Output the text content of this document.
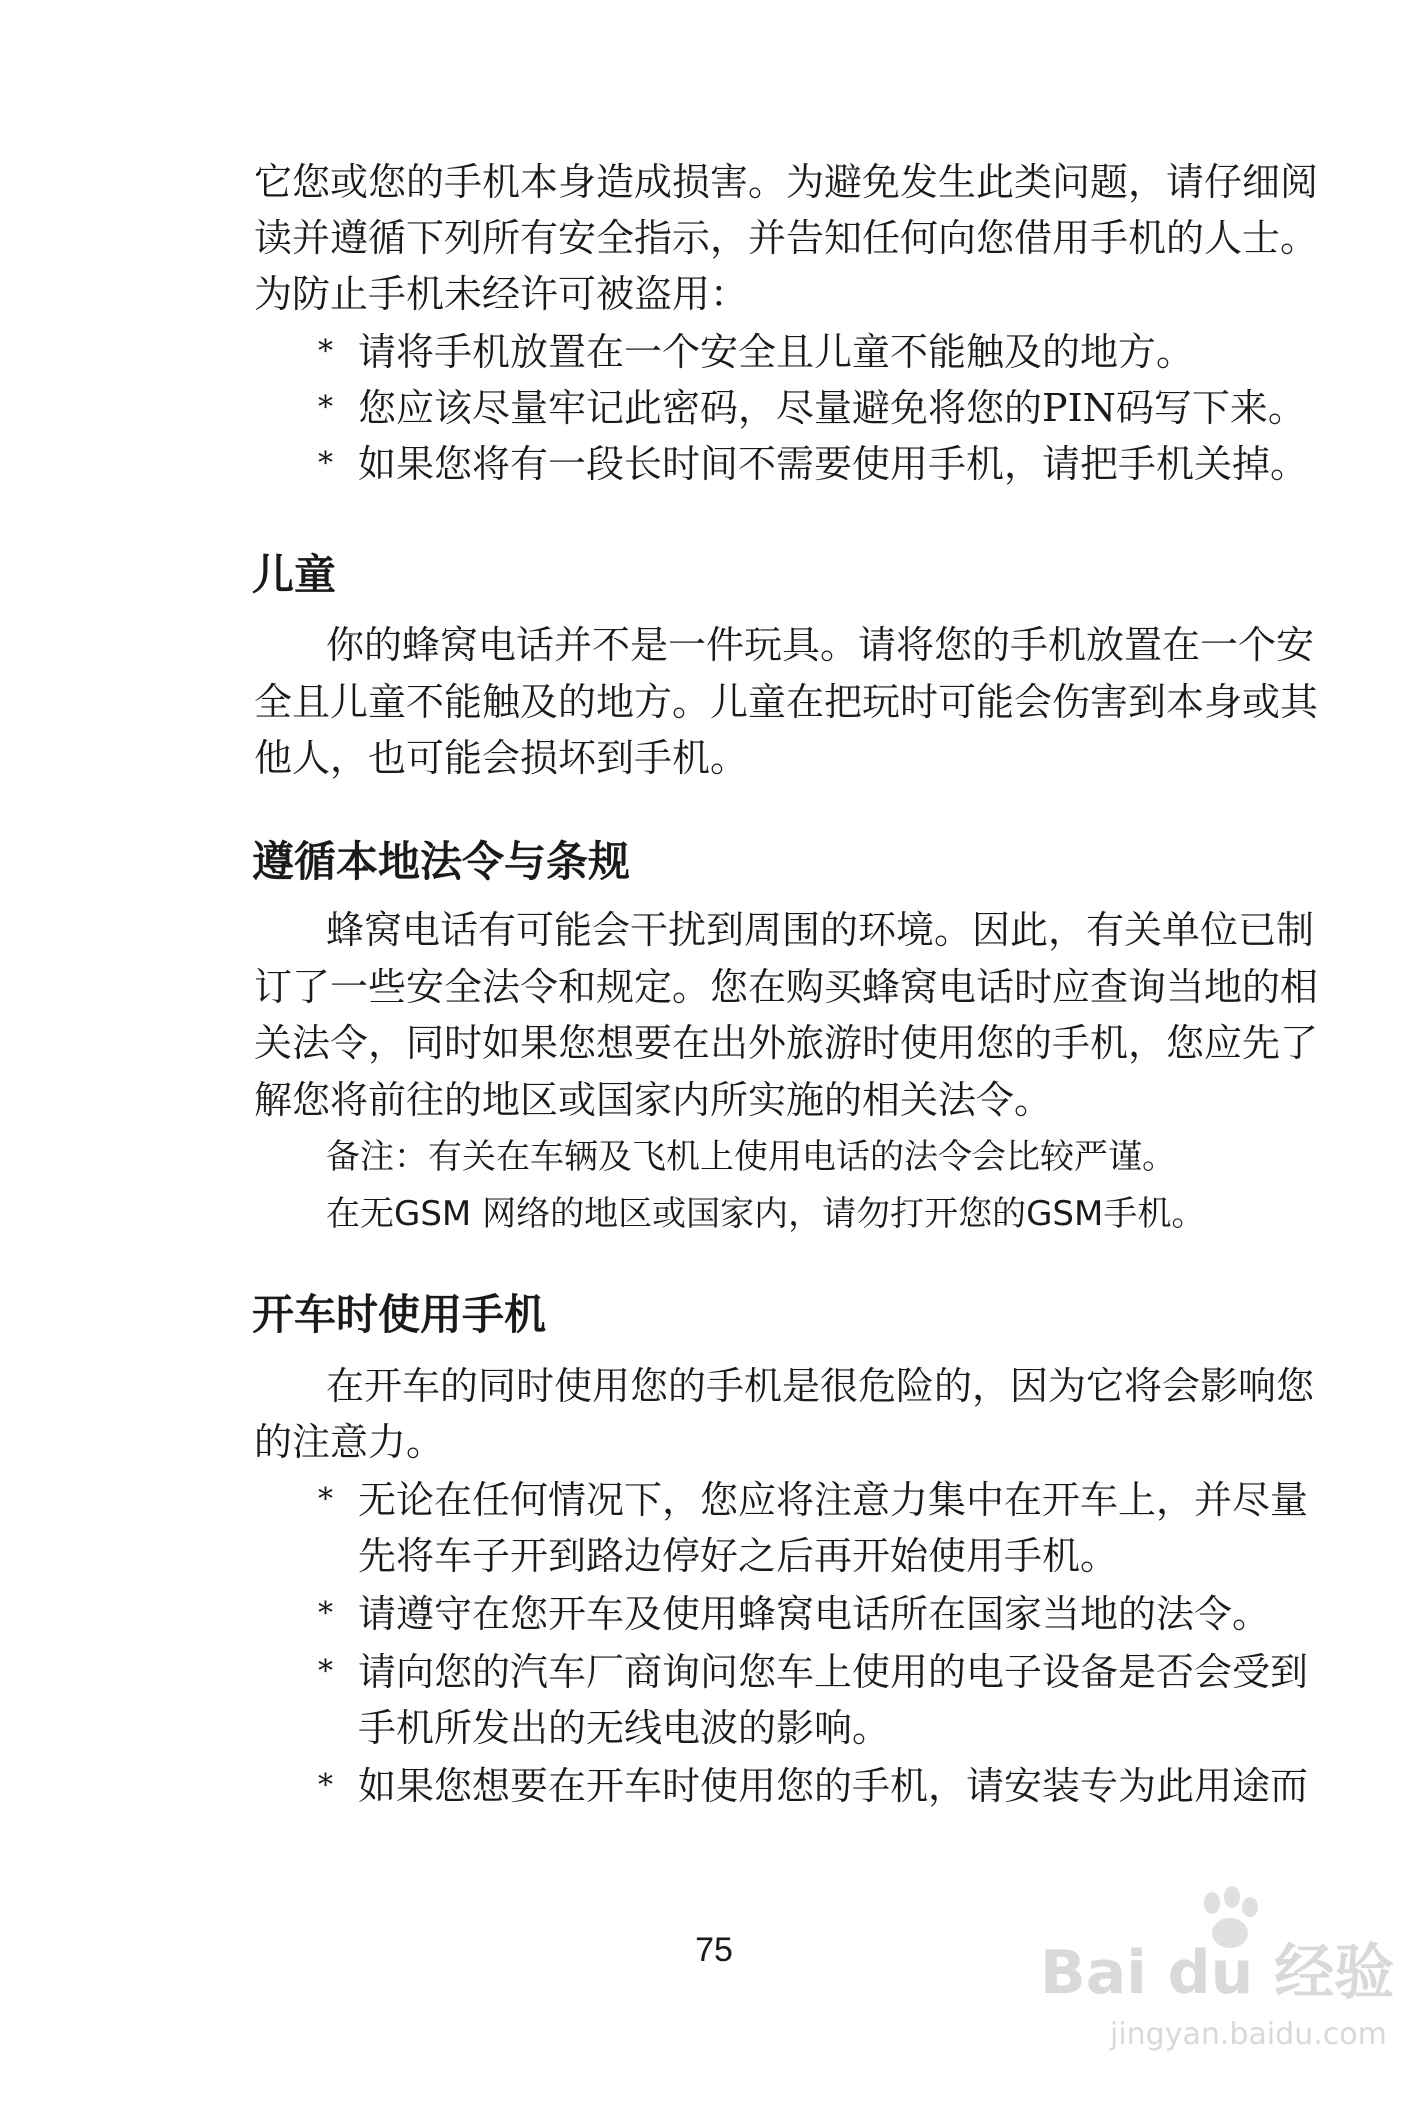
它您或您的手机本身造成损害。为避免发生此类问题，请仔细阅
读并遵循下列所有安全指示，并告知任何向您借用手机的人士。
为防止手机未经许可被盗用：
* 请将手机放置在一个安全且儿童不能触及的地方。
* 您应该尽量牢记此密码，尽量避免将您的PIN码写下来。
* 如果您将有一段长时间不需要使用手机，请把手机关掉。
儿童
你的蜂窝电话并不是一件玩具。请将您的手机放置在一个安
全且儿童不能触及的地方。儿童在把玩时可能会伤害到本身或其
他人，也可能会损坏到手机。
遵循本地法令与条规
蜂窝电话有可能会干扰到周围的环境。因此，有关单位已制
订了一些安全法令和规定。您在购买蜂窝电话时应查询当地的相
关法令，同时如果您想要在出外旅游时使用您的手机，您应先了
解您将前往的地区或国家内所实施的相关法令。
备注：有关在车辆及飞机上使用电话的法令会比较严谨。
在无GSM 网络的地区或国家内，请勿打开您的GSM手机。
开车时使用手机
在开车的同时使用您的手机是很危险的，因为它将会影响您
的注意力。
* 无论在任何情况下，您应将注意力集中在开车上，并尽量
先将车子开到路边停好之后再开始使用手机。
* 请遵守在您开车及使用蜂窝电话所在国家当地的法令。
* 请向您的汽车厂商询问您车上使用的电子设备是否会受到
手机所发出的无线电波的影响。
* 如果您想要在开车时使用您的手机，请安装专为此用途而
75	Bai du 经验
jingyan.baidu.com
